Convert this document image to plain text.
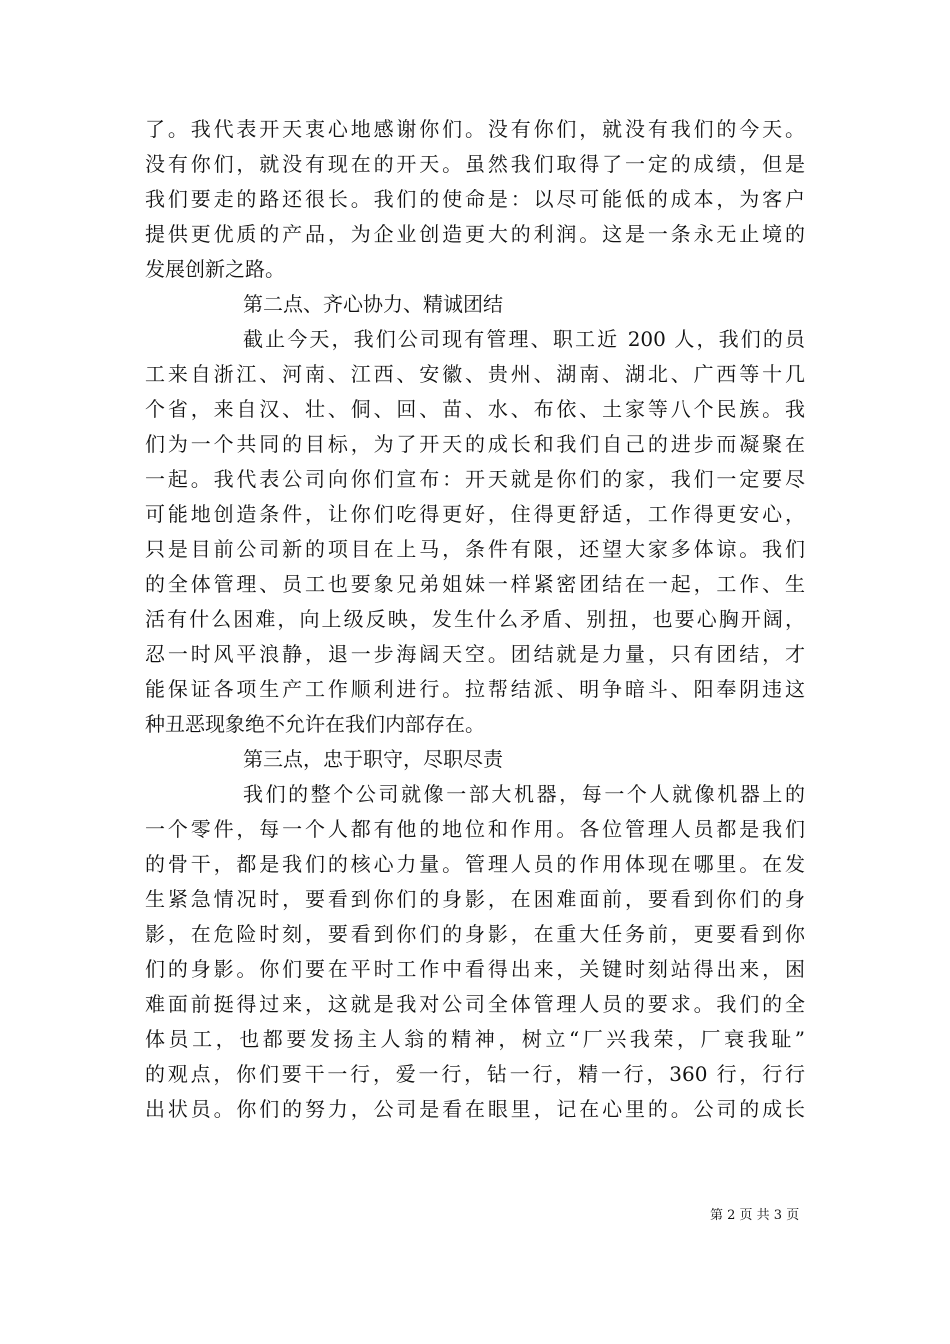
了。我代表开天衷心地感谢你们。没有你们，就没有我们的今天。
没有你们，就没有现在的开天。虽然我们取得了一定的成绩，但是
我们要走的路还很长。我们的使命是：以尽可能低的成本，为客户
提供更优质的产品，为企业创造更大的利润。这是一条永无止境的
发展创新之路。
第二点、齐心协力、精诚团结
截止今天，我们公司现有管理、职工近 200 人，我们的员
工来自浙江、河南、江西、安徽、贵州、湖南、湖北、广西等十几
个省，来自汉、壮、侗、回、苗、水、布依、土家等八个民族。我
们为一个共同的目标，为了开天的成长和我们自己的进步而凝聚在
一起。我代表公司向你们宣布：开天就是你们的家，我们一定要尽
可能地创造条件，让你们吃得更好，住得更舒适，工作得更安心，
只是目前公司新的项目在上马，条件有限，还望大家多体谅。我们
的全体管理、员工也要象兄弟姐妹一样紧密团结在一起，工作、生
活有什么困难，向上级反映，发生什么矛盾、别扭，也要心胸开阔，
忍一时风平浪静，退一步海阔天空。团结就是力量，只有团结，才
能保证各项生产工作顺利进行。拉帮结派、明争暗斗、阳奉阴违这
种丑恶现象绝不允许在我们内部存在。
第三点，忠于职守，尽职尽责
我们的整个公司就像一部大机器，每一个人就像机器上的
一个零件，每一个人都有他的地位和作用。各位管理人员都是我们
的骨干，都是我们的核心力量。管理人员的作用体现在哪里。在发
生紧急情况时，要看到你们的身影，在困难面前，要看到你们的身
影，在危险时刻，要看到你们的身影，在重大任务前，更要看到你
们的身影。你们要在平时工作中看得出来，关键时刻站得出来，困
难面前挺得过来，这就是我对公司全体管理人员的要求。我们的全
体员工，也都要发扬主人翁的精神，树立“厂兴我荣，厂衰我耻”
的观点，你们要干一行，爱一行，钻一行，精一行，360 行，行行
出状员。你们的努力，公司是看在眼里，记在心里的。公司的成长
第 2 页 共 3 页
